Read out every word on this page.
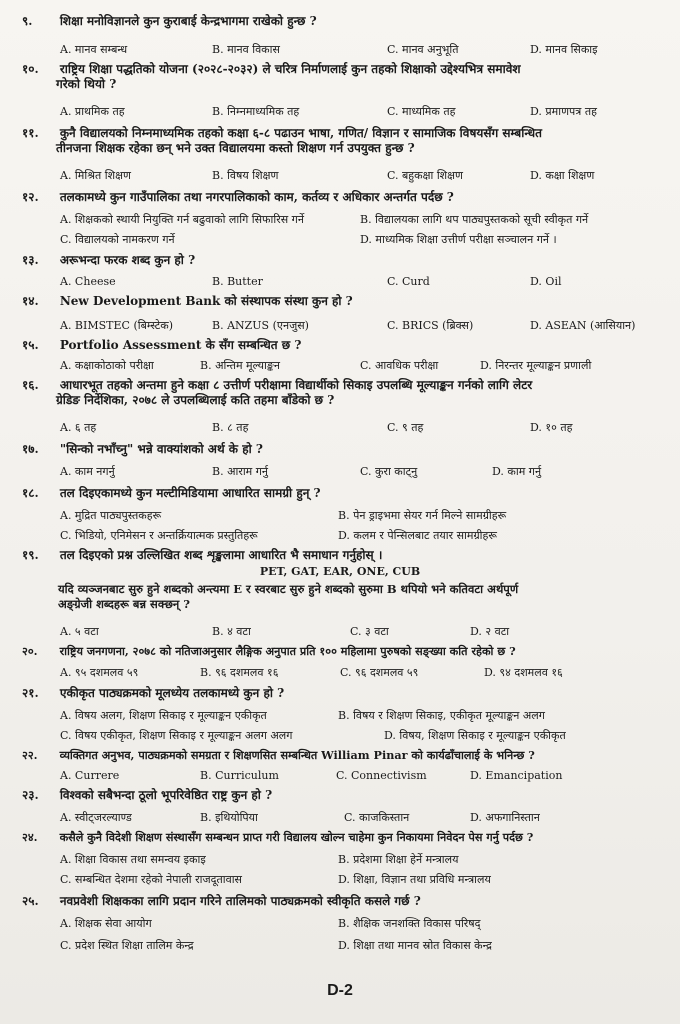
९. शिक्षा मनोविज्ञानले कुन कुराबाई केन्द्रभागमा राखेको हुन्छ ?
A. मानव सम्बन्ध	B. मानव विकास	C. मानव अनुभूति	D. मानव सिकाइ
१०. राष्ट्रिय शिक्षा पद्धतिको योजना (२०२८-२०३२) ले चरित्र निर्माणलाई कुन तहको शिक्षाको उद्देश्यभित्र समावेश
गरेको थियो ?
A. प्राथमिक तह	B. निम्नमाध्यमिक तह	C. माध्यमिक तह	D. प्रमाणपत्र तह
११. कुनै विद्यालयको निम्नमाध्यमिक तहको कक्षा ६-८ पढाउन भाषा, गणित/ विज्ञान र सामाजिक विषयसँग सम्बन्धित
तीनजना शिक्षक रहेका छन् भने उक्त विद्यालयमा कस्तो शिक्षण गर्न उपयुक्त हुन्छ ?
A. मिश्रित शिक्षण	B. विषय शिक्षण	C. बहुकक्षा शिक्षण	D. कक्षा शिक्षण
१२. तलकामध्ये कुन गाउँपालिका तथा नगरपालिकाको काम, कर्तव्य र अधिकार अन्तर्गत पर्दछ ?
A. शिक्षकको स्थायी नियुक्ति गर्न बढुवाको लागि सिफारिस गर्ने	B. विद्यालयका लागि थप पाठ्यपुस्तकको सूची स्वीकृत गर्ने
C. विद्यालयको नामकरण गर्ने	D. माध्यमिक शिक्षा उत्तीर्ण परीक्षा सञ्चालन गर्ने ।
१३. अरूभन्दा फरक शब्द कुन हो ?
A. Cheese	B. Butter	C. Curd	D. Oil
१४. New Development Bank को संस्थापक संस्था कुन हो ?
A. BIMSTEC (बिम्स्टेक)	B. ANZUS (एनजुस)	C. BRICS (ब्रिक्स)	D. ASEAN (आसियान)
१५. Portfolio Assessment के सँग सम्बन्धित छ ?
A. कक्षाकोठाको परीक्षा	B. अन्तिम मूल्याङ्कन	C. आवधिक परीक्षा	D. निरन्तर मूल्याङ्कन प्रणाली
१६. आधारभूत तहको अन्तमा हुने कक्षा ८ उत्तीर्ण परीक्षामा विद्यार्थीको सिकाइ उपलब्धि मूल्याङ्कन गर्नको लागि लेटर
ग्रेडिङ निर्देशिका, २०७८ ले उपलब्धिलाई कति तहमा बाँडेको छ ?
A. ६ तह	B. ८ तह	C. ९ तह	D. १० तह
१७. "सिन्को नभाँच्नु" भन्ने वाक्यांशको अर्थ के हो ?
A. काम नगर्नु	B. आराम गर्नु	C. कुरा काट्नु	D. काम गर्नु
१८. तल दिइएकामध्ये कुन मल्टीमिडियामा आधारित सामग्री हुन् ?
A. मुद्रित पाठ्यपुस्तकहरू	B. पेन ड्राइभमा सेयर गर्न मिल्ने सामग्रीहरू
C. भिडियो, एनिमेसन र अन्तर्क्रियात्मक प्रस्तुतिहरू	D. कलम र पेन्सिलबाट तयार सामग्रीहरू
१९. तल दिइएको प्रश्न उल्लिखित शब्द शृङ्खलामा आधारित भै समाधान गर्नुहोस् ।
PET, GAT, EAR, ONE, CUB
यदि व्यञ्जनबाट सुरु हुने शब्दको अन्त्यमा E र स्वरबाट सुरु हुने शब्दको सुरुमा B थपियो भने कतिवटा अर्थपूर्ण
अङ्ग्रेजी शब्दहरू बन्न सक्छन् ?
A. ५ वटा	B. ४ वटा	C. ३ वटा	D. २ वटा
२०. राष्ट्रिय जनगणना, २०७८ को नतिजाअनुसार लैङ्गिक अनुपात प्रति १०० महिलामा पुरुषको सङ्ख्या कति रहेको छ ?
A. ९५ दशमलव ५९	B. ९६ दशमलव १६	C. ९६ दशमलव ५९	D. ९४ दशमलव १६
२१. एकीकृत पाठ्यक्रमको मूलध्येय तलकामध्ये कुन हो ?
A. विषय अलग, शिक्षण सिकाइ र मूल्याङ्कन एकीकृत	B. विषय र शिक्षण सिकाइ, एकीकृत मूल्याङ्कन अलग
C. विषय एकीकृत, शिक्षण सिकाइ र मूल्याङ्कन अलग अलग	D. विषय, शिक्षण सिकाइ र मूल्याङ्कन एकीकृत
२२. व्यक्तिगत अनुभव, पाठ्यक्रमको समग्रता र शिक्षणसित सम्बन्धित William Pinar को कार्यढाँचालाई के भनिन्छ ?
A. Currere	B. Curriculum	C. Connectivism	D. Emancipation
२३. विश्वको सबैभन्दा ठूलो भूपरिवेष्ठित राष्ट्र कुन हो ?
A. स्वीट्जरल्याण्ड	B. इथियोपिया	C. काजकिस्तान	D. अफगानिस्तान
२४. कसैले कुनै विदेशी शिक्षण संस्थासँग सम्बन्धन प्राप्त गरी विद्यालय खोल्न चाहेमा कुन निकायमा निवेदन पेस गर्नु पर्दछ ?
A. शिक्षा विकास तथा समन्वय इकाइ	B. प्रदेशमा शिक्षा हेर्ने मन्त्रालय
C. सम्बन्धित देशमा रहेको नेपाली राजदूतावास	D. शिक्षा, विज्ञान तथा प्रविधि मन्त्रालय
२५. नवप्रवेशी शिक्षकका लागि प्रदान गरिने तालिमको पाठ्यक्रमको स्वीकृति कसले गर्छ ?
A. शिक्षक सेवा आयोग	B. शैक्षिक जनशक्ति विकास परिषद्
C. प्रदेश स्थित शिक्षा तालिम केन्द्र	D. शिक्षा तथा मानव स्रोत विकास केन्द्र
D-2
